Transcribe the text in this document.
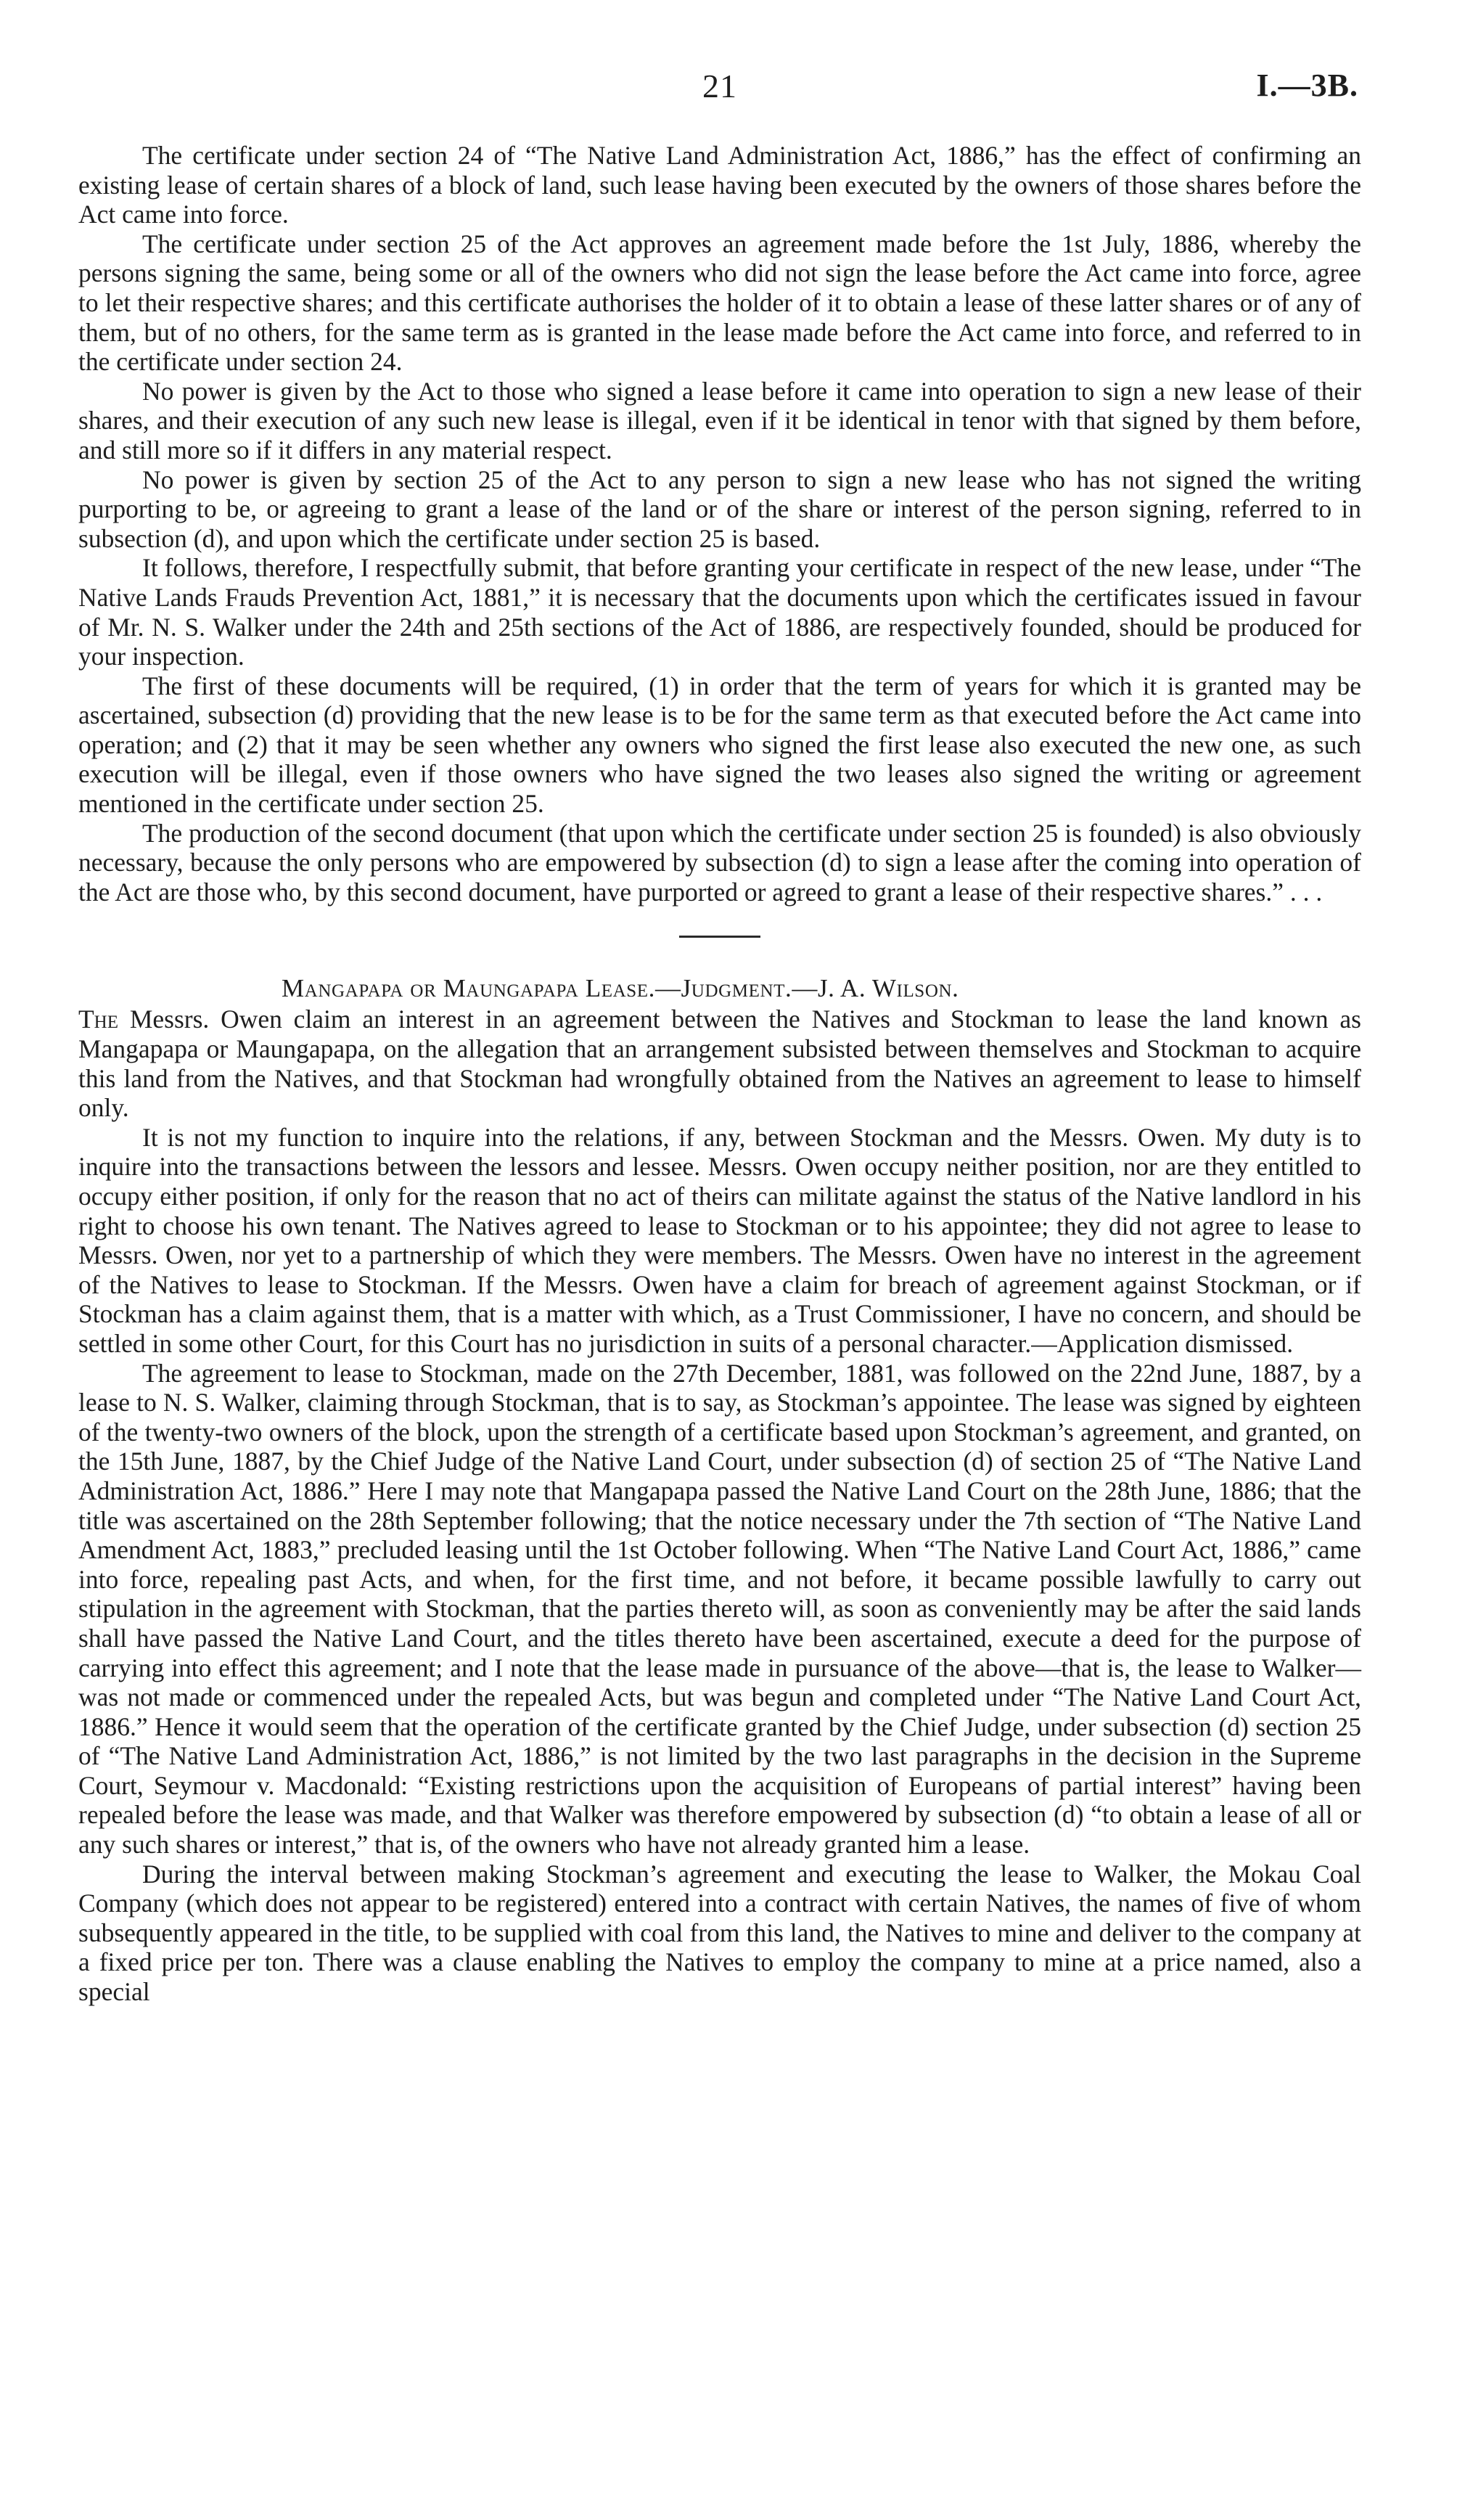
21	I.—3B.

The certificate under section 24 of “The Native Land Administration Act, 1886,” has the effect of confirming an existing lease of certain shares of a block of land, such lease having been executed by the owners of those shares before the Act came into force.

The certificate under section 25 of the Act approves an agreement made before the 1st July, 1886, whereby the persons signing the same, being some or all of the owners who did not sign the lease before the Act came into force, agree to let their respective shares; and this certificate authorises the holder of it to obtain a lease of these latter shares or of any of them, but of no others, for the same term as is granted in the lease made before the Act came into force, and referred to in the certificate under section 24.

No power is given by the Act to those who signed a lease before it came into operation to sign a new lease of their shares, and their execution of any such new lease is illegal, even if it be identical in tenor with that signed by them before, and still more so if it differs in any material respect.

No power is given by section 25 of the Act to any person to sign a new lease who has not signed the writing purporting to be, or agreeing to grant a lease of the land or of the share or interest of the person signing, referred to in subsection (d), and upon which the certificate under section 25 is based.

It follows, therefore, I respectfully submit, that before granting your certificate in respect of the new lease, under “The Native Lands Frauds Prevention Act, 1881,” it is necessary that the documents upon which the certificates issued in favour of Mr. N. S. Walker under the 24th and 25th sections of the Act of 1886, are respectively founded, should be produced for your inspection.

The first of these documents will be required, (1) in order that the term of years for which it is granted may be ascertained, subsection (d) providing that the new lease is to be for the same term as that executed before the Act came into operation; and (2) that it may be seen whether any owners who signed the first lease also executed the new one, as such execution will be illegal, even if those owners who have signed the two leases also signed the writing or agreement mentioned in the certificate under section 25.

The production of the second document (that upon which the certificate under section 25 is founded) is also obviously necessary, because the only persons who are empowered by subsection (d) to sign a lease after the coming into operation of the Act are those who, by this second document, have purported or agreed to grant a lease of their respective shares.” . . .

Mangapapa or Maungapapa Lease.—Judgment.—J. A. Wilson.

The Messrs. Owen claim an interest in an agreement between the Natives and Stockman to lease the land known as Mangapapa or Maungapapa, on the allegation that an arrangement subsisted between themselves and Stockman to acquire this land from the Natives, and that Stockman had wrongfully obtained from the Natives an agreement to lease to himself only.

It is not my function to inquire into the relations, if any, between Stockman and the Messrs. Owen. My duty is to inquire into the transactions between the lessors and lessee. Messrs. Owen occupy neither position, nor are they entitled to occupy either position, if only for the reason that no act of theirs can militate against the status of the Native landlord in his right to choose his own tenant. The Natives agreed to lease to Stockman or to his appointee; they did not agree to lease to Messrs. Owen, nor yet to a partnership of which they were members. The Messrs. Owen have no interest in the agreement of the Natives to lease to Stockman. If the Messrs. Owen have a claim for breach of agreement against Stockman, or if Stockman has a claim against them, that is a matter with which, as a Trust Commissioner, I have no concern, and should be settled in some other Court, for this Court has no jurisdiction in suits of a personal character.—Application dismissed.

The agreement to lease to Stockman, made on the 27th December, 1881, was followed on the 22nd June, 1887, by a lease to N. S. Walker, claiming through Stockman, that is to say, as Stockman’s appointee. The lease was signed by eighteen of the twenty-two owners of the block, upon the strength of a certificate based upon Stockman’s agreement, and granted, on the 15th June, 1887, by the Chief Judge of the Native Land Court, under subsection (d) of section 25 of “The Native Land Administration Act, 1886.” Here I may note that Mangapapa passed the Native Land Court on the 28th June, 1886; that the title was ascertained on the 28th September following; that the notice necessary under the 7th section of “The Native Land Amendment Act, 1883,” precluded leasing until the 1st October following. When “The Native Land Court Act, 1886,” came into force, repealing past Acts, and when, for the first time, and not before, it became possible lawfully to carry out stipulation in the agreement with Stockman, that the parties thereto will, as soon as conveniently may be after the said lands shall have passed the Native Land Court, and the titles thereto have been ascertained, execute a deed for the purpose of carrying into effect this agreement; and I note that the lease made in pursuance of the above—that is, the lease to Walker—was not made or commenced under the repealed Acts, but was begun and completed under “The Native Land Court Act, 1886.” Hence it would seem that the operation of the certificate granted by the Chief Judge, under subsection (d) section 25 of “The Native Land Administration Act, 1886,” is not limited by the two last paragraphs in the decision in the Supreme Court, Seymour v. Macdonald: “Existing restrictions upon the acquisition of Europeans of partial interest” having been repealed before the lease was made, and that Walker was therefore empowered by subsection (d) “to obtain a lease of all or any such shares or interest,” that is, of the owners who have not already granted him a lease.

During the interval between making Stockman’s agreement and executing the lease to Walker, the Mokau Coal Company (which does not appear to be registered) entered into a contract with certain Natives, the names of five of whom subsequently appeared in the title, to be supplied with coal from this land, the Natives to mine and deliver to the company at a fixed price per ton. There was a clause enabling the Natives to employ the company to mine at a price named, also a special
